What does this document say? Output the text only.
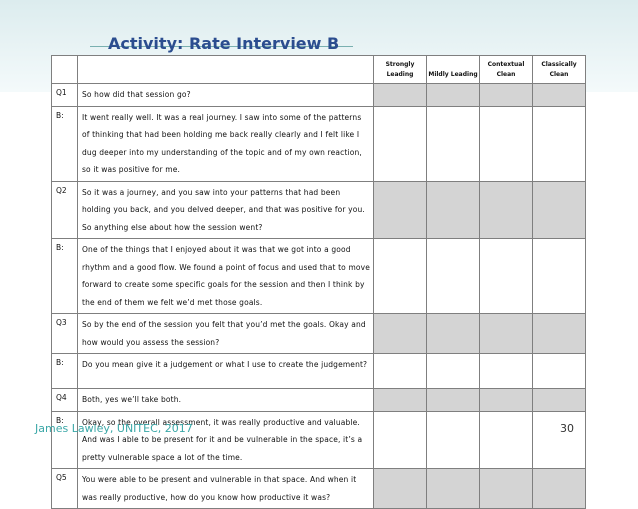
Activity: Rate Interview B
		Strongly Leading	Mildly Leading	Contextual Clean	Classically Clean
Q1	So how did that session go?				
B:	It went really well. It was a real journey. I saw into some of the patterns of thinking that had been holding me back really clearly and I felt like I dug deeper into my understanding of the topic and of my own reaction, so it was positive for me.				
Q2	So it was a journey, and you saw into your patterns that had been holding you back, and you delved deeper, and that was positive for you. So anything else about how the session went?				
B:	One of the things that I enjoyed about it was that we got into a good rhythm and a good flow. We found a point of focus and used that to move forward to create some specific goals for the session and then I think by the end of them we felt we’d met those goals.				
Q3	So by the end of the session you felt that you’d met the goals. Okay and how would you assess the session?				
B:	Do you mean give it a judgement or what I use to create the judgement?				
Q4	Both, yes we’ll take both.				
B:	Okay, so the overall assessment, it was really productive and valuable. And was I able to be present for it and be vulnerable in the space, it’s a pretty vulnerable space a lot of the time.				
Q5	You were able to be present and vulnerable in that space. And when it was really productive, how do you know how productive it was?				
James Lawley, UNITEC, 2017	30
